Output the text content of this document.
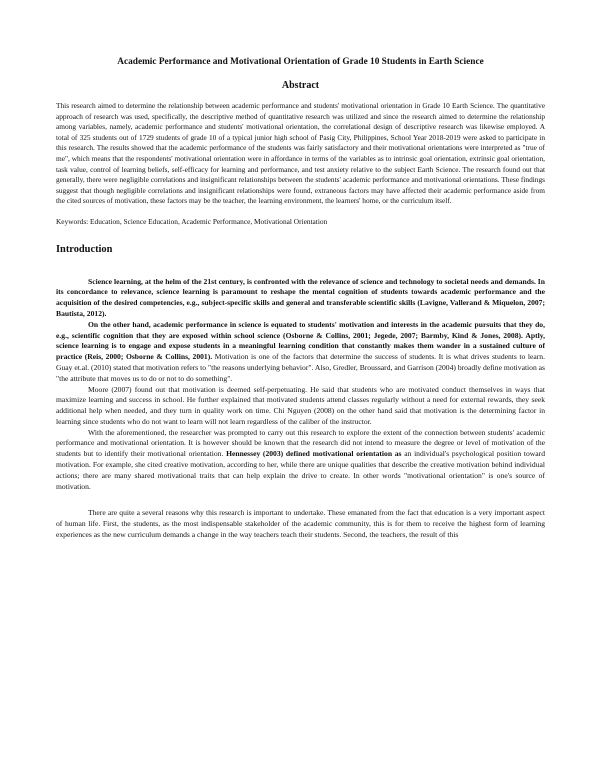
Academic Performance and Motivational Orientation of Grade 10 Students in Earth Science
Abstract

This research aimed to determine the relationship between academic performance and students' motivational orientation in Grade 10 Earth Science. The quantitative approach of research was used, specifically, the descriptive method of quantitative research was utilized and since the research aimed to determine the relationship among variables, namely, academic performance and students' motivational orientation, the correlational design of descriptive research was likewise employed. A total of 325 students out of 1729 students of grade 10 of a typical junior high school of Pasig City, Philippines, School Year 2018-2019 were asked to participate in this research. The results showed that the academic performance of the students was fairly satisfactory and their motivational orientations were interpreted as "true of me", which means that the respondents' motivational orientation were in affordance in terms of the variables as to intrinsic goal orientation, extrinsic goal orientation, task value, control of learning beliefs, self-efficacy for learning and performance, and test anxiety relative to the subject Earth Science. The research found out that generally, there were negligible correlations and insignificant relationships between the students' academic performance and motivational orientations. These findings suggest that though negligible correlations and insignificant relationships were found, extraneous factors may have affected their academic performance aside from the cited sources of motivation, these factors may be the teacher, the learning environment, the learners' home, or the curriculum itself.

Keywords: Education, Science Education, Academic Performance, Motivational Orientation

Introduction

Science learning, at the helm of the 21st century, is confronted with the relevance of science and technology to societal needs and demands. In its concordance to relevance, science learning is paramount to reshape the mental cognition of students towards academic performance and the acquisition of the desired competencies, e.g., subject-specific skills and general and transferable scientific skills (Lavigne, Vallerand & Miquelon, 2007; Bautista, 2012).

On the other hand, academic performance in science is equated to students' motivation and interests in the academic pursuits that they do, e.g., scientific cognition that they are exposed within school science (Osborne & Collins, 2001; Jegede, 2007; Barmby, Kind & Jones, 2008). Aptly, science learning is to engage and expose students in a meaningful learning condition that constantly makes them wander in a sustained culture of practice (Reis, 2000; Osborne & Collins, 2001). Motivation is one of the factors that determine the success of students. It is what drives students to learn. Guay et.al. (2010) stated that motivation refers to "the reasons underlying behavior". Also, Gredler, Broussard, and Garrison (2004) broadly define motivation as "the attribute that moves us to do or not to do something".

Moore (2007) found out that motivation is deemed self-perpetuating. He said that students who are motivated conduct themselves in ways that maximize learning and success in school. He further explained that motivated students attend classes regularly without a need for external rewards, they seek additional help when needed, and they turn in quality work on time. Chi Nguyen (2008) on the other hand said that motivation is the determining factor in learning since students who do not want to learn will not learn regardless of the caliber of the instructor.

With the aforementioned, the researcher was prompted to carry out this research to explore the extent of the connection between students' academic performance and motivational orientation. It is however should be known that the research did not intend to measure the degree or level of motivation of the students but to identify their motivational orientation. Hennessey (2003) defined motivational orientation as an individual's psychological position toward motivation. For example, she cited creative motivation, according to her, while there are unique qualities that describe the creative motivation behind individual actions; there are many shared motivational traits that can help explain the drive to create. In other words "motivational orientation" is one's source of motivation.

There are quite a several reasons why this research is important to undertake. These emanated from the fact that education is a very important aspect of human life. First, the students, as the most indispensable stakeholder of the academic community, this is for them to receive the highest form of learning experiences as the new curriculum demands a change in the way teachers teach their students. Second, the teachers, the result of this
